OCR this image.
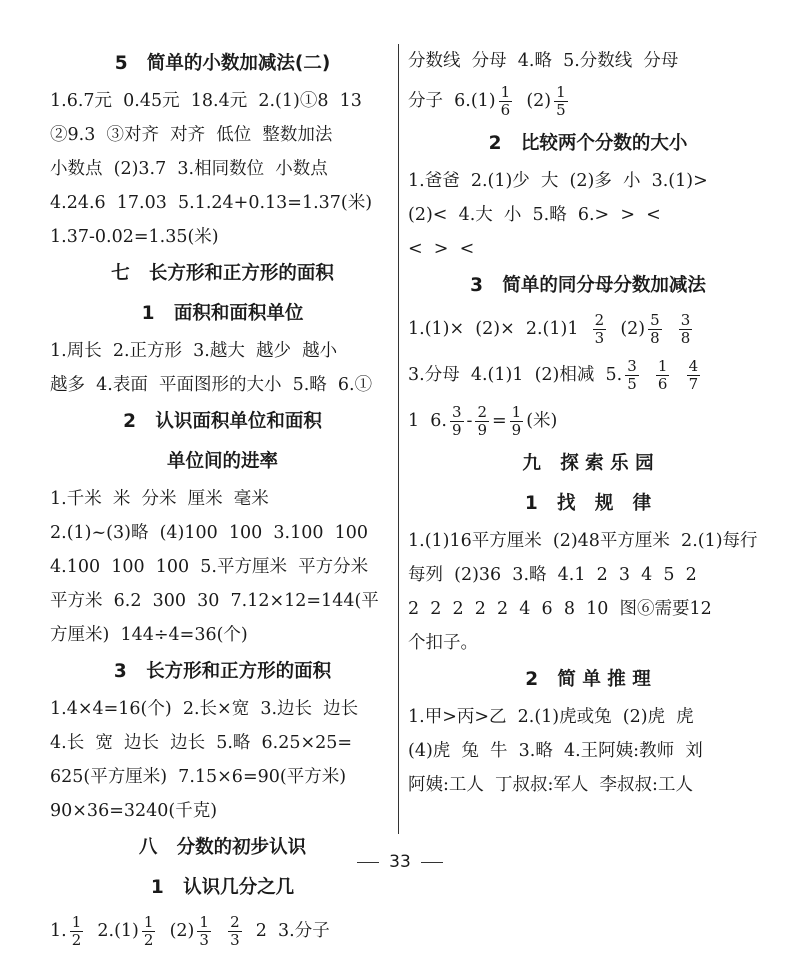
5   简单的小数加减法(二)
1.6.7元  0.45元  18.4元  2.(1)①8  13
②9.3  ③对齐  对齐  低位  整数加法
小数点  (2)3.7  3.相同数位  小数点
4.24.6  17.03  5.1.24+0.13=1.37(米)
1.37-0.02=1.35(米)
七   长方形和正方形的面积
1   面积和面积单位
1.周长  2.正方形  3.越大  越少  越小
越多  4.表面  平面图形的大小  5.略  6.①
2   认识面积单位和面积
单位间的进率
1.千米  米  分米  厘米  毫米
2.(1)~(3)略  (4)100  100  3.100  100
4.100  100  100  5.平方厘米  平方分米
平方米  6.2  300  30  7.12×12=144(平
方厘米)  144÷4=36(个)
3   长方形和正方形的面积
1.4×4=16(个)  2.长×宽  3.边长  边长
4.长  宽  边长  边长  5.略  6.25×25=
625(平方厘米)  7.15×6=90(平方米)
90×36=3240(千克)
八   分数的初步认识
1   认识几分之几
1. $\frac{1}{2} 2.(1) \frac{1}{2} (2) \frac{1}{3}$
$\frac{2}{3} 2$  3.分子
分数线  分母  4.略  5.分数线  分母
分子  $6.(1) \frac{1}{6} (2) \frac{1}{5}$
2   比较两个分数的大小
1.爸爸  2.(1)少  大  (2)多  小  3.(1)>
(2)<  4.大  小  5.略  6.>  >  <
<  >  <
3   简单的同分母分数加减法
$1.(1)\times (2)\times 2.(1)1 \frac{2}{3} (2) \frac{5}{8}$
$\frac{3}{8}$
3.分母  4.(1)1  (2)相减  5. $\frac{3}{5}$
$\frac{1}{6}$
$\frac{4}{7}$
1  6. $\frac{3}{9} - \frac{2}{9} = \frac{1}{9}$ (米)
九   探 索 乐 园
1   找   规   律
1.(1)16平方厘米  (2)48平方厘米  2.(1)每行
每列  (2)36  3.略  4.1  2  3  4  5  2
2  2  2  2  2  4  6  8  10  图⑥需要12
个扣子。
2   简 单 推 理
1.甲>丙>乙  2.(1)虎或兔  (2)虎  虎
(4)虎  兔  牛  3.略  4.王阿姨:教师  刘
阿姨:工人  丁叔叔:军人  李叔叔:工人
33
